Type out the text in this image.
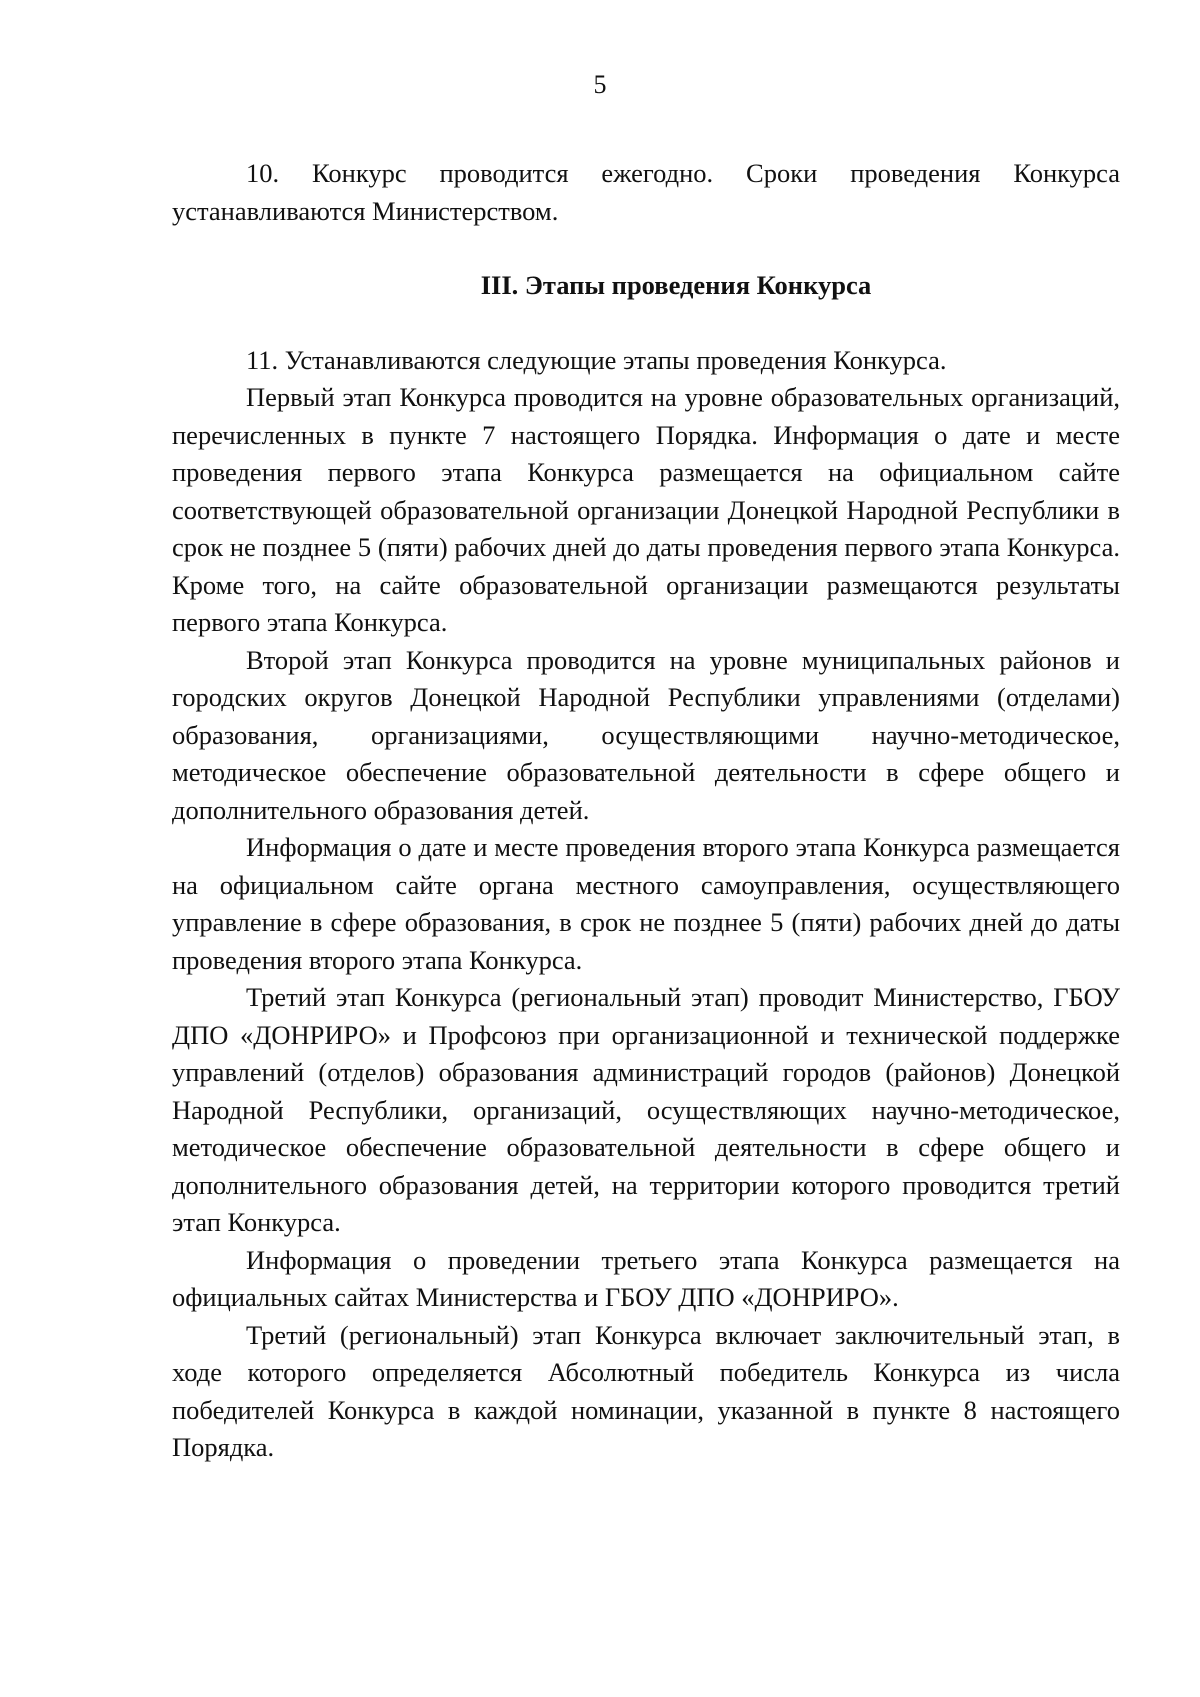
5

10. Конкурс проводится ежегодно. Сроки проведения Конкурса устанавливаются Министерством.

III. Этапы проведения Конкурса

11. Устанавливаются следующие этапы проведения Конкурса.

Первый этап Конкурса проводится на уровне образовательных организаций, перечисленных в пункте 7 настоящего Порядка. Информация о дате и месте проведения первого этапа Конкурса размещается на официальном сайте соответствующей образовательной организации Донецкой Народной Республики в срок не позднее 5 (пяти) рабочих дней до даты проведения первого этапа Конкурса. Кроме того, на сайте образовательной организации размещаются результаты первого этапа Конкурса.

Второй этап Конкурса проводится на уровне муниципальных районов и городских округов Донецкой Народной Республики управлениями (отделами) образования, организациями, осуществляющими научно-методическое, методическое обеспечение образовательной деятельности в сфере общего и дополнительного образования детей.

Информация о дате и месте проведения второго этапа Конкурса размещается на официальном сайте органа местного самоуправления, осуществляющего управление в сфере образования, в срок не позднее 5 (пяти) рабочих дней до даты проведения второго этапа Конкурса.

Третий этап Конкурса (региональный этап) проводит Министерство, ГБОУ ДПО «ДОНРИРО» и Профсоюз при организационной и технической поддержке управлений (отделов) образования администраций городов (районов) Донецкой Народной Республики, организаций, осуществляющих научно-методическое, методическое обеспечение образовательной деятельности в сфере общего и дополнительного образования детей, на территории которого проводится третий этап Конкурса.

Информация о проведении третьего этапа Конкурса размещается на официальных сайтах Министерства и ГБОУ ДПО «ДОНРИРО».

Третий (региональный) этап Конкурса включает заключительный этап, в ходе которого определяется Абсолютный победитель Конкурса из числа победителей Конкурса в каждой номинации, указанной в пункте 8 настоящего Порядка.
